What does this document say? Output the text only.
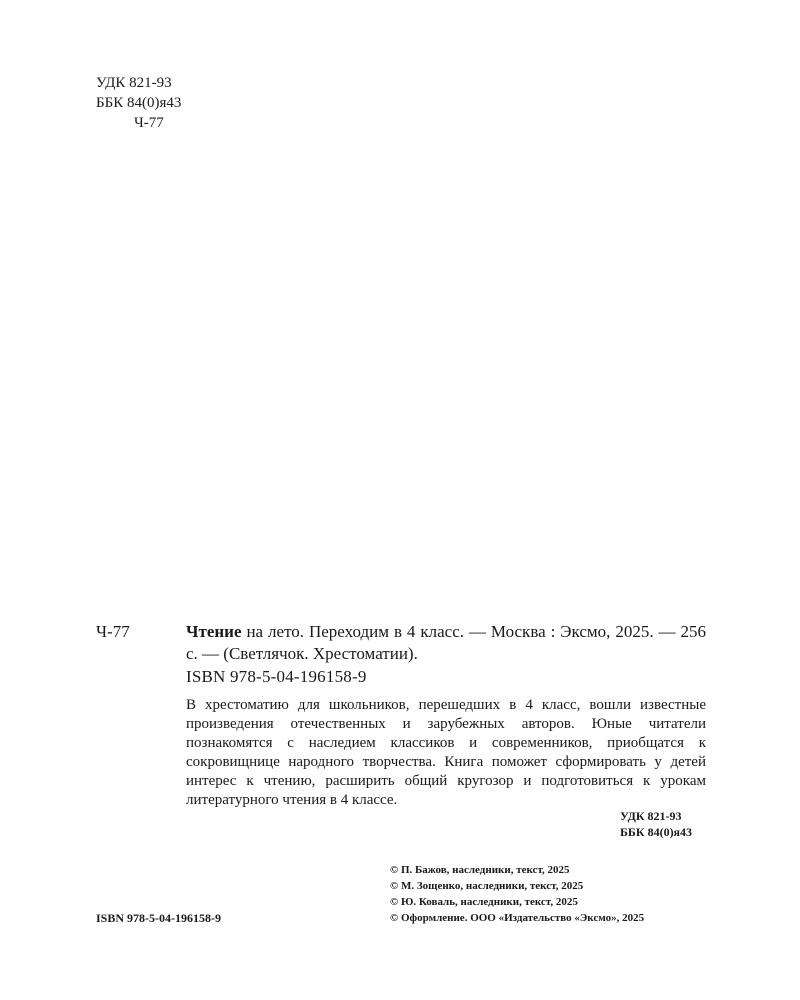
УДК 821-93
ББК 84(0)я43
Ч-77
Ч-77	Чтение на лето. Переходим в 4 класс. — Москва : Эксмо, 2025. — 256 с. — (Светлячок. Хрестоматии).
ISBN 978-5-04-196158-9
В хрестоматию для школьников, перешедших в 4 класс, вошли известные произведения отечественных и зарубежных авторов. Юные читатели познакомятся с наследием классиков и современников, приобщатся к сокровищнице народного творчества. Книга поможет сформировать у детей интерес к чтению, расширить общий кругозор и подготовиться к урокам литературного чтения в 4 классе.
УДК 821-93
ББК 84(0)я43
ISBN 978-5-04-196158-9
© П. Бажов, наследники, текст, 2025
© М. Зощенко, наследники, текст, 2025
© Ю. Коваль, наследники, текст, 2025
© Оформление. ООО «Издательство «Эксмо», 2025
